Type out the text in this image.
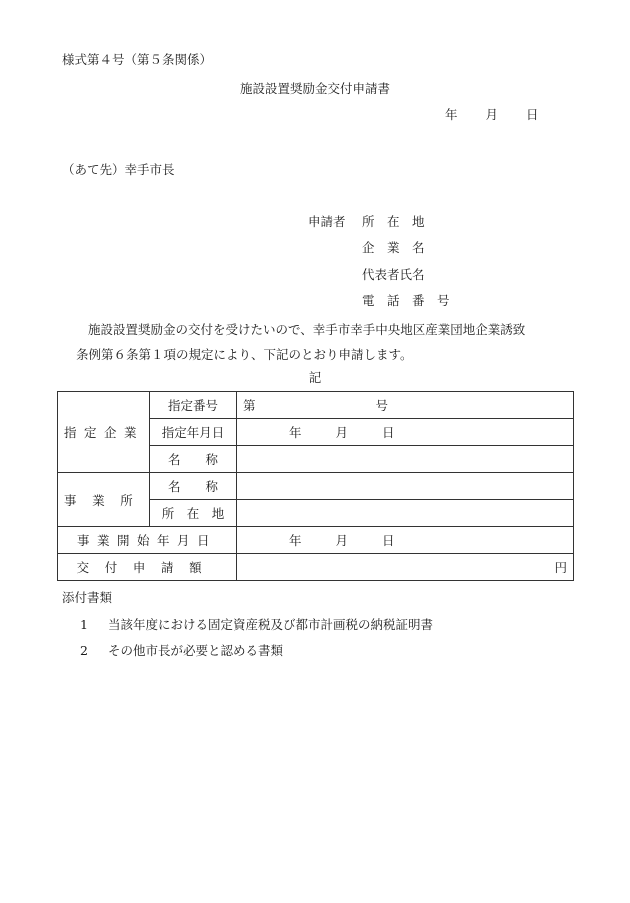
様式第４号（第５条関係）
施設設置奨励金交付申請書
年 月 日
（あて先）幸手市長
申請者 所　在　地
企　業　名
代表者氏名
電　話　番　号
施設設置奨励金の交付を受けたいので、幸手市幸手中央地区産業団地企業誘致
条例第６条第１項の規定により、下記のとおり申請します。
記
指定企業	指定番号	第 号
	指定年月日	年 月 日
	名　　称	
事業所	名　　称	
	所　在　地	
事業開始年月日		年 月 日
交付申請額		円
添付書類
1 当該年度における固定資産税及び都市計画税の納税証明書
2 その他市長が必要と認める書類
